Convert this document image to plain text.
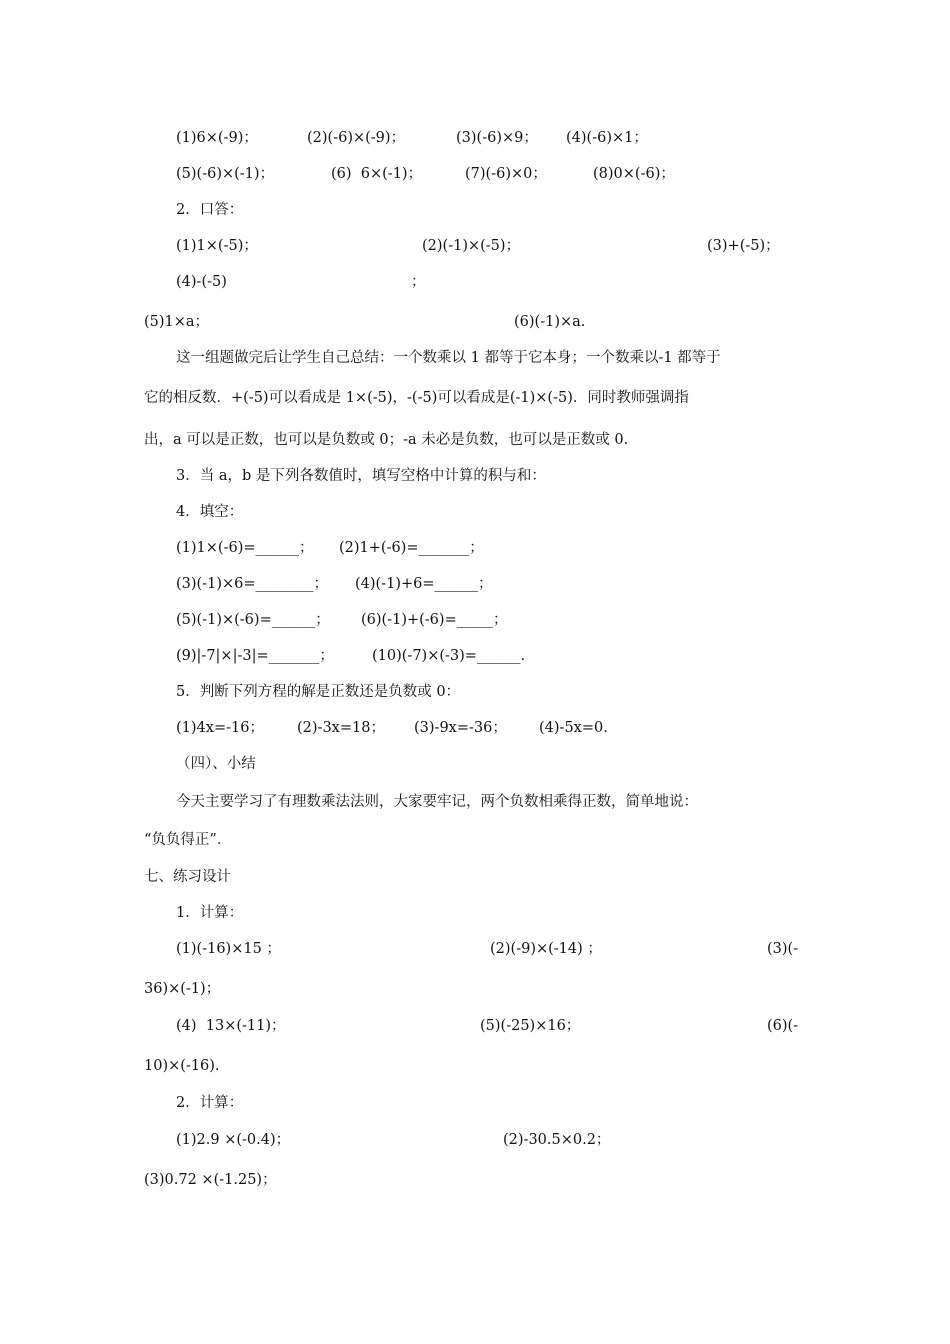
(1)6×(-9)；	(2)(-6)×(-9)；	(3)(-6)×9； (4)(-6)×1；
(5)(-6)×(-1)；	(6)  6×(-1)；	(7)(-6)×0；	(8)0×(-6)；
2．口答：
(1)1×(-5)；	(2)(-1)×(-5)；	(3)+(-5)；
(4)-(-5)	；
(5)1×a；	(6)(-1)×a.
这一组题做完后让学生自己总结：一个数乘以 1 都等于它本身；一个数乘以-1 都等于
它的相反数．+(-5)可以看成是 1×(-5)，-(-5)可以看成是(-1)×(-5)．同时教师强调指
出，a 可以是正数，也可以是负数或 0；-a 未必是负数，也可以是正数或 0.
3．当 a，b 是下列各数值时，填写空格中计算的积与和：
4．填空：
(1)1×(-6)=______； (2)1+(-6)=_______；
(3)(-1)×6=________； (4)(-1)+6=______；
(5)(-1)×(-6)=______； (6)(-1)+(-6)=_____；
(9)|-7|×|-3|=_______；	(10)(-7)×(-3)=______.
5．判断下列方程的解是正数还是负数或 0：
(1)4x=-16； (2)-3x=18； (3)-9x=-36； (4)-5x=0.
（四）、小结
今天主要学习了有理数乘法法则，大家要牢记，两个负数相乘得正数，简单地说：
“负负得正”．
七、练习设计
1．计算：
(1)(-16)×15 ；	(2)(-9)×(-14) ；	(3)(-
36)×(-1)；
(4)  13×(-11)；	(5)(-25)×16；	(6)(-
10)×(-16).
2．计算：
(1)2.9 ×(-0.4)；	(2)-30.5×0.2；
(3)0.72 ×(-1.25)；
